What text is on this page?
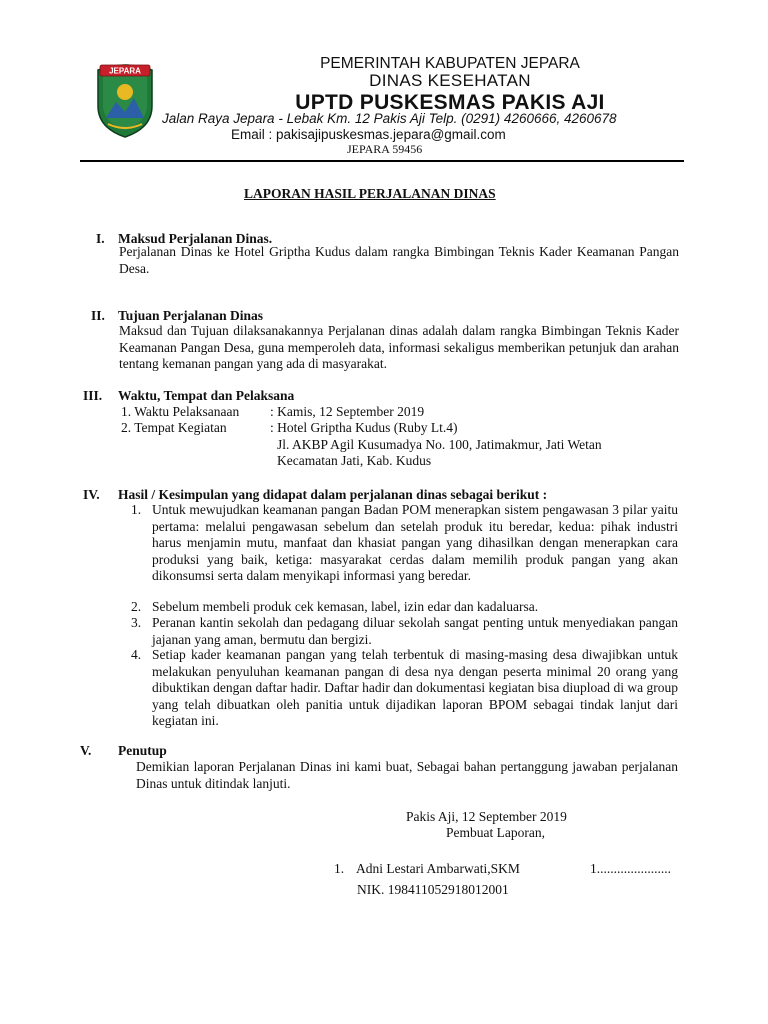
JEPARA	PEMERINTAH KABUPATEN JEPARA
DINAS KESEHATAN
UPTD PUSKESMAS PAKIS AJI
Jalan Raya Jepara - Lebak Km. 12 Pakis Aji Telp. (0291) 4260666, 4260678
Email : pakisajipuskesmas.jepara@gmail.com
JEPARA 59456
LAPORAN HASIL PERJALANAN DINAS
I. Maksud Perjalanan Dinas.
Perjalanan Dinas ke Hotel Griptha Kudus dalam rangka Bimbingan Teknis Kader Keamanan Pangan Desa.
II. Tujuan Perjalanan Dinas
Maksud dan Tujuan dilaksanakannya Perjalanan dinas adalah dalam rangka Bimbingan Teknis Kader Keamanan Pangan Desa, guna memperoleh data, informasi sekaligus memberikan petunjuk dan arahan tentang kemanan pangan yang ada di masyarakat.
III. Waktu, Tempat dan Pelaksana
1. Waktu Pelaksanaan : Kamis, 12 September 2019
2. Tempat Kegiatan	: Hotel Griptha Kudus (Ruby Lt.4)
Jl. AKBP Agil Kusumadya No. 100, Jatimakmur, Jati Wetan
Kecamatan Jati, Kab. Kudus
IV. Hasil / Kesimpulan yang didapat dalam perjalanan dinas sebagai berikut :
1. Untuk mewujudkan keamanan pangan Badan POM menerapkan sistem pengawasan 3 pilar yaitu pertama: melalui pengawasan sebelum dan setelah produk itu beredar, kedua: pihak industri harus menjamin mutu, manfaat dan khasiat pangan yang dihasilkan dengan menerapkan cara produksi yang baik, ketiga: masyarakat cerdas dalam memilih produk pangan yang akan dikonsumsi serta dalam menyikapi informasi yang beredar.
2. Sebelum membeli produk cek kemasan, label, izin edar dan kadaluarsa.
3. Peranan kantin sekolah dan pedagang diluar sekolah sangat penting untuk menyediakan pangan jajanan yang aman, bermutu dan bergizi.
4. Setiap kader keamanan pangan yang telah terbentuk di masing-masing desa diwajibkan untuk melakukan penyuluhan keamanan pangan di desa nya dengan peserta minimal 20 orang yang dibuktikan dengan daftar hadir. Daftar hadir dan dokumentasi kegiatan bisa diupload di wa group yang telah dibuatkan oleh panitia untuk dijadikan laporan BPOM sebagai tindak lanjut dari kegiatan ini.
V. Penutup
Demikian laporan Perjalanan Dinas ini kami buat, Sebagai bahan pertanggung jawaban perjalanan Dinas untuk ditindak lanjuti.
Pakis Aji, 12 September 2019
Pembuat Laporan,
1. Adni Lestari Ambarwati,SKM	1......................
NIK. 198411052918012001
